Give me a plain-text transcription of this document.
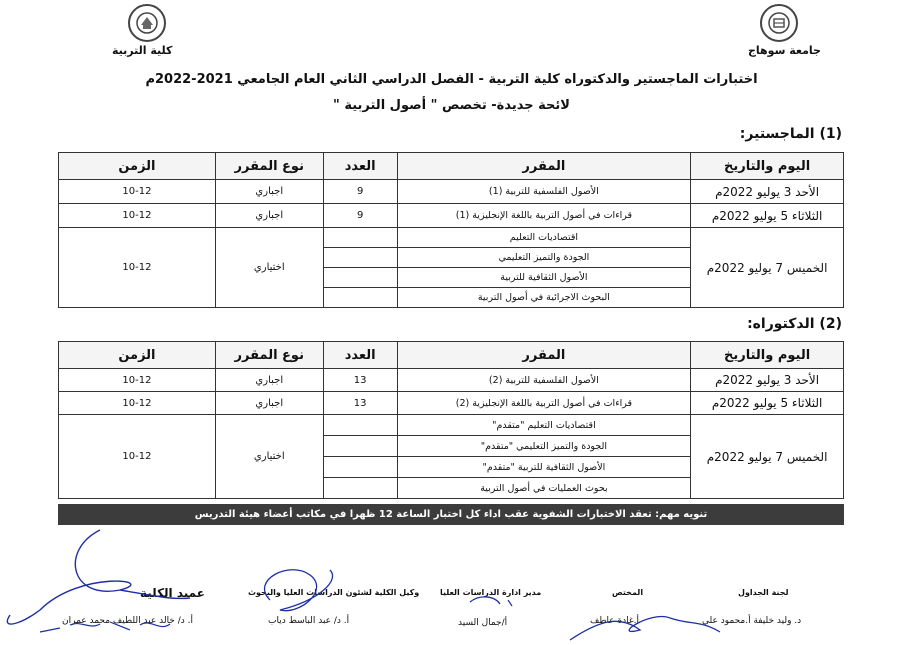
كلية التربية	جامعة سوهاج
اختبارات الماجستير والدكتوراه كلية التربية - الفصل الدراسي الثاني العام الجامعي 2021-2022م
لائحة جديدة- تخصص " أصول التربية "
(1) الماجستير:
اليوم والتاريخ	المقرر	العدد	نوع المقرر	الزمن
الأحد 3 يوليو 2022م	الأصول الفلسفية للتربية (1)	9	اجباري	10-12
الثلاثاء 5 يوليو 2022م	قراءات في أصول التربية باللغة الإنجليزية (1)	9	اجباري	10-12
الخميس 7 يوليو 2022م	اقتصاديات التعليم		اختياري	10-12
	الجودة والتميز التعليمي			
	الأصول الثقافية للتربية			
	البحوث الاجرائية في أصول التربية			
(2) الدكتوراه:
اليوم والتاريخ	المقرر	العدد	نوع المقرر	الزمن
الأحد 3 يوليو 2022م	الأصول الفلسفية للتربية (2)	13	اجباري	10-12
الثلاثاء 5 يوليو 2022م	قراءات في أصول التربية باللغة الإنجليزية (2)	13	اجباري	10-12
الخميس 7 يوليو 2022م	اقتصاديات التعليم "متقدم"		اختياري	10-12
	الجودة والتميز التعليمي "متقدم"			
	الأصول الثقافية للتربية "متقدم"			
	بحوث العمليات في أصول التربية			
تنويه مهم: تعقد الاختبارات الشفوية عقب اداء كل اختبار الساعة 12 ظهرا في مكاتب أعضاء هيئة التدريس
لجنة الجداول
د. وليد خليفة أ.محمود علي
المختص
أ.غادة عاطف
مدير ادارة الدراسات العليا
أ/جمال السيد
وكيل الكلية لشئون الدراسات العليا والبحوث
أ. د/ عبد الباسط دياب
عميد الكلية
أ. د/ خالد عبد اللطيف محمد عمران
